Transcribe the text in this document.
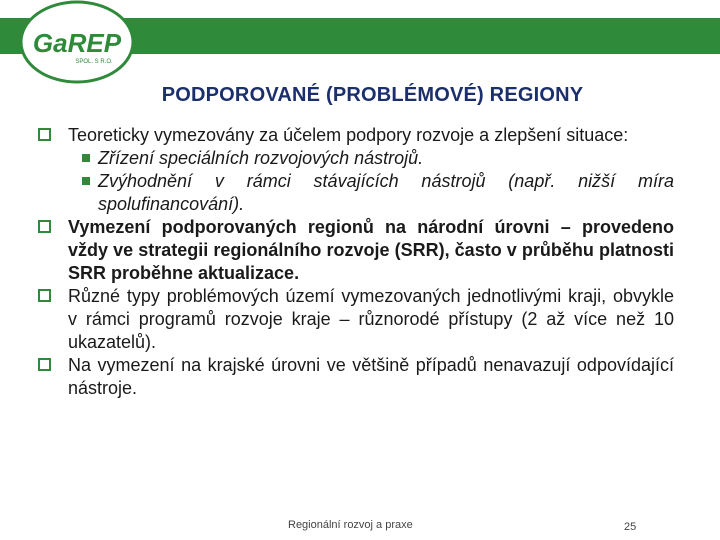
GaREP
SPOL. S R.O.
PODPOROVANÉ (PROBLÉMOVÉ) REGIONY
Teoreticky vymezovány za účelem podpory rozvoje a zlepšení situace:
Zřízení speciálních rozvojových nástrojů.
Zvýhodnění v rámci stávajících nástrojů (např. nižší míra spolufinancování).
Vymezení podporovaných regionů na národní úrovni – provedeno vždy ve strategii regionálního rozvoje (SRR), často v průběhu platnosti SRR proběhne aktualizace.
Různé typy problémových území vymezovaných jednotlivými kraji, obvykle v rámci programů rozvoje kraje – různorodé přístupy (2 až více než 10 ukazatelů).
Na vymezení na krajské úrovni ve většině případů nenavazují odpovídající nástroje.
Regionální rozvoj a praxe	25
